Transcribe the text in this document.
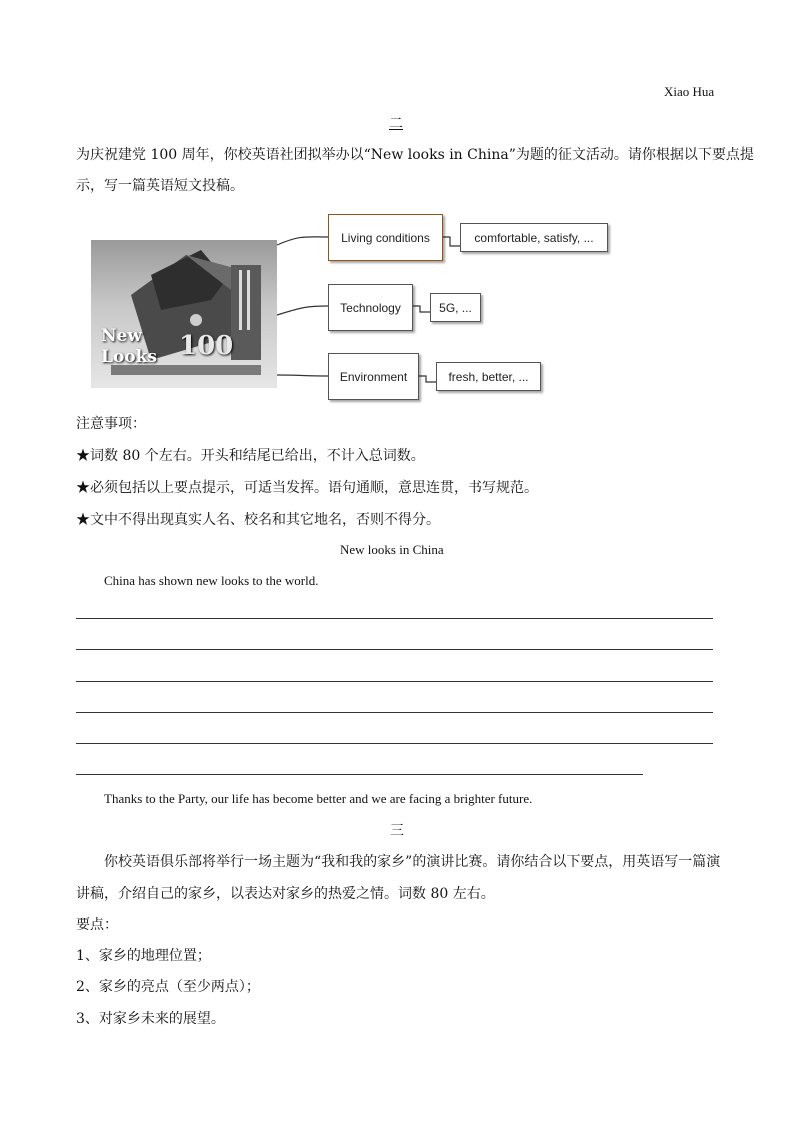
Xiao Hua
二
为庆祝建党 100 周年，你校英语社团拟举办以“New looks in China”为题的征文活动。请你根据以下要点提
示，写一篇英语短文投稿。
New
Looks 100
Living conditions	comfortable, satisfy, ...
Technology	5G, ...
Environment	fresh, better, ...
注意事项：
★词数 80 个左右。开头和结尾已给出，不计入总词数。
★必须包括以上要点提示，可适当发挥。语句通顺，意思连贯，书写规范。
★文中不得出现真实人名、校名和其它地名，否则不得分。
New looks in China
China has shown new looks to the world.
Thanks to the Party, our life has become better and we are facing a brighter future.
三
你校英语俱乐部将举行一场主题为“我和我的家乡”的演讲比赛。请你结合以下要点，用英语写一篇演
讲稿，介绍自己的家乡，以表达对家乡的热爱之情。词数 80 左右。
要点：
1、家乡的地理位置；
2、家乡的亮点（至少两点）；
3、对家乡未来的展望。
